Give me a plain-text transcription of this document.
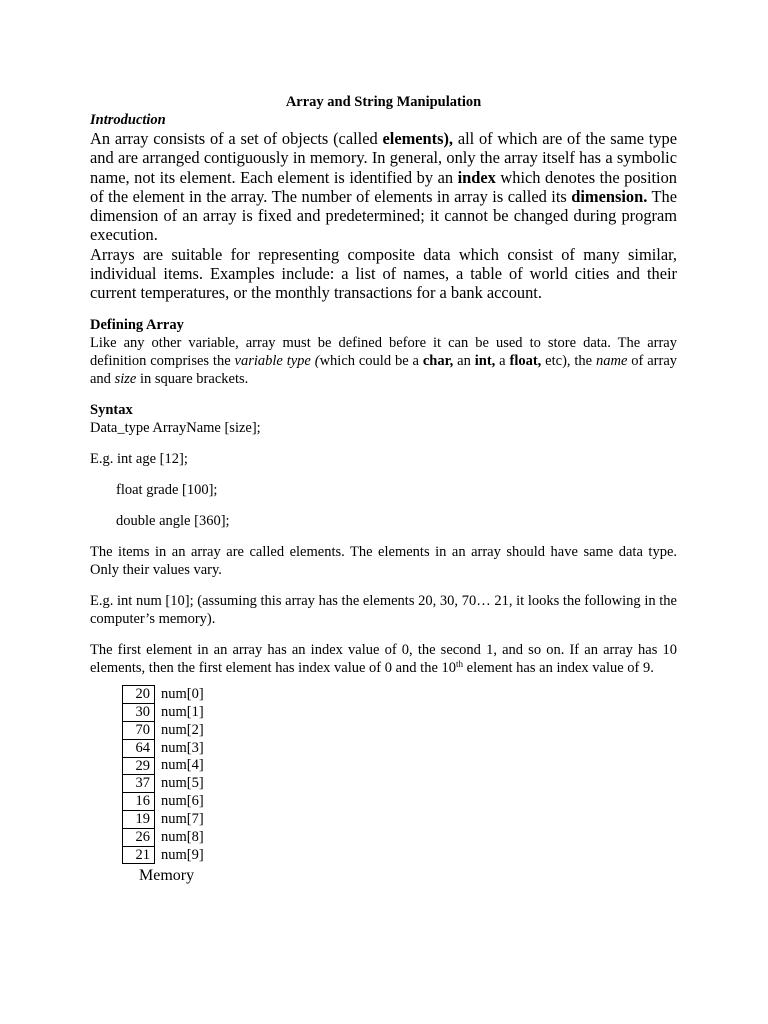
Array and String Manipulation
Introduction

An array consists of a set of objects (called elements), all of which are of the same type and are arranged contiguously in memory. In general, only the array itself has a symbolic name, not its element. Each element is identified by an index which denotes the position of the element in the array. The number of elements in array is called its dimension. The dimension of an array is fixed and predetermined; it cannot be changed during program execution.

Arrays are suitable for representing composite data which consist of many similar, individual items. Examples include: a list of names, a table of world cities and their current temperatures, or the monthly transactions for a bank account.

Defining Array

Like any other variable, array must be defined before it can be used to store data. The array definition comprises the variable type (which could be a char, an int, a float, etc), the name of array and size in square brackets.

Syntax

Data_type ArrayName [size];

E.g. int age [12];

float grade [100];

double angle [360];

The items in an array are called elements. The elements in an array should have same data type. Only their values vary.

E.g. int num [10]; (assuming this array has the elements 20, 30, 70… 21, it looks the following in the computer’s memory).

The first element in an array has an index value of 0, the second 1, and so on. If an array has 10 elements, then the first element has index value of 0 and the 10th element has an index value of 9.

20 num[0]
30 num[1]
70 num[2]
64 num[3]
29 num[4]
37 num[5]
16 num[6]
19 num[7]
26 num[8]
21 num[9]
Memory
